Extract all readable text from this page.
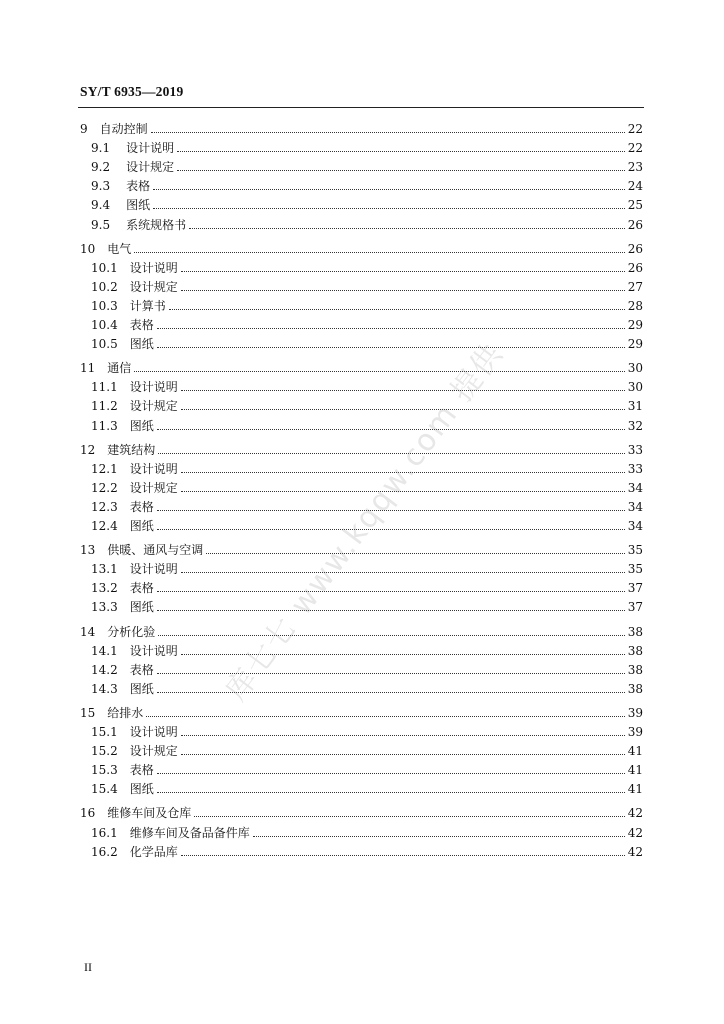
SY/T 6935—2019
9 自动控制	22
9.1 设计说明	22
9.2 设计规定	23
9.3 表格	24
9.4 图纸	25
9.5 系统规格书	26
10 电气	26
10.1 设计说明	26
10.2 设计规定	27
10.3 计算书	28
10.4 表格	29
10.5 图纸	29
11 通信	30
11.1 设计说明	30
11.2 设计规定	31
11.3 图纸	32
12 建筑结构	33
12.1 设计说明	33
12.2 设计规定	34
12.3 表格	34
12.4 图纸	34
13 供暖、通风与空调	35
13.1 设计说明	35
13.2 表格	37
13.3 图纸	37
14 分析化验	38
14.1 设计说明	38
14.2 表格	38
14.3 图纸	38
15 给排水	39
15.1 设计说明	39
15.2 设计规定	41
15.3 表格	41
15.4 图纸	41
16 维修车间及仓库	42
16.1 维修车间及备品备件库	42
16.2 化学品库	42
II
库七七 www.kqqw.com 提供
